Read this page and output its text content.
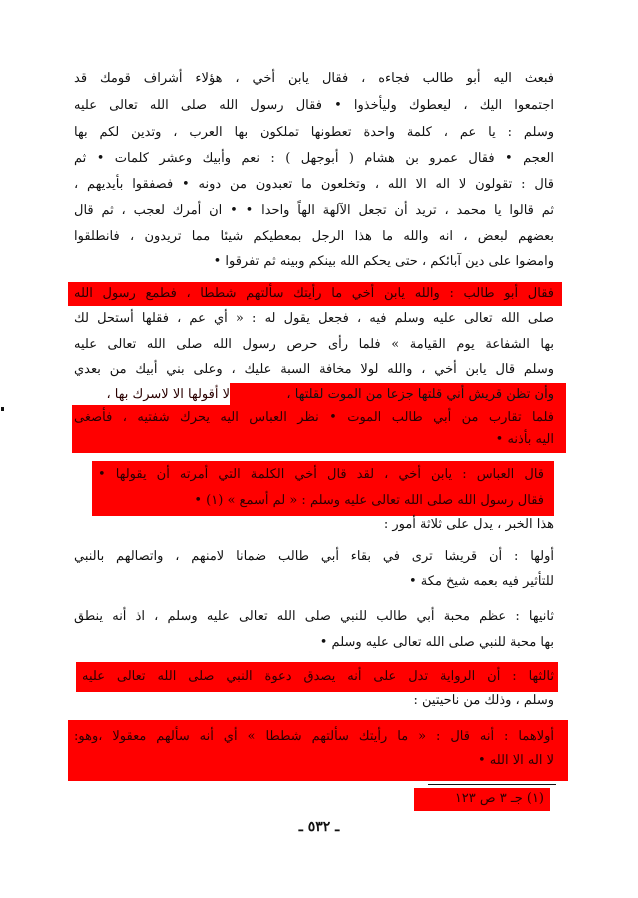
فبعث اليه أبو طالب فجاءه ، فقال يابن أخي ، هؤلاء أشراف قومك قد
اجتمعوا اليك ، ليعطوك وليأخذوا • فقال رسول الله صلى الله تعالى عليه
وسلم : يا عم ، كلمة واحدة تعطونها تملكون بها العرب ، وتدين لكم بها
العجم • فقال عمرو بن هشام ( أبوجهل ) : نعم وأبيك وعشر كلمات • ثم
قال : تقولون لا اله الا الله ، وتخلعون ما تعبدون من دونه • فصفقوا بأيديهم ،
ثم قالوا يا محمد ، تريد أن تجعل الآلهة الهاً واحدا • • ان أمرك لعجب ، ثم قال
بعضهم لبعض ، انه والله ما هذا الرجل بمعطيكم شيئا مما تريدون ، فانطلقوا
وامضوا على دين آبائكم ، حتى يحكم الله بينكم وبينه ثم تفرقوا •
فقال أبو طالب : والله يابن أخي ما رأيتك سألتهم شططا ، فطمع رسول الله
صلى الله تعالى عليه وسلم فيه ، فجعل يقول له : « أي عم ، فقلها أستحل لك
بها الشفاعة يوم القيامة » فلما رأى حرص رسول الله صلى الله تعالى عليه
وسلم قال يابن أخي ، والله لولا مخافة السبة عليك ، وعلى بني أبيك من بعدي
وأن تظن قريش أني قلتها جزعا من الموت لقلتها ،
لا أقولها الا لاسرك بها ،
فلما تقارب من أبي طالب الموت • نظر العباس اليه يحرك شفتيه ، فأصغى
اليه بأذنه •
قال العباس : يابن أخي ، لقد قال أخي الكلمة التي أمرته أن يقولها •
فقال رسول الله صلى الله تعالى عليه وسلم : « لم أسمع » (١) •
هذا الخبر ، يدل على ثلاثة أمور :
أولها : أن قريشا ترى في بقاء أبي طالب ضمانا لامنهم ، واتصالهم بالنبي
للتأثير فيه بعمه شيخ مكة •
ثانيها : عظم محبة أبي طالب للنبي صلى الله تعالى عليه وسلم ، اذ أنه ينطق
بها محبة للنبي صلى الله تعالى عليه وسلم •
ثالثها : أن الرواية تدل على أنه يصدق دعوة النبي صلى الله تعالى عليه
وسلم ، وذلك من ناحيتين :
أولاهما : أنه قال : « ما رأيتك سألتهم شططا » أي أنه سألهم معقولا ،وهو:
لا اله الا الله •
(١) جـ ٣ ص ١٢٣
ـ ٥٣٢ ـ
